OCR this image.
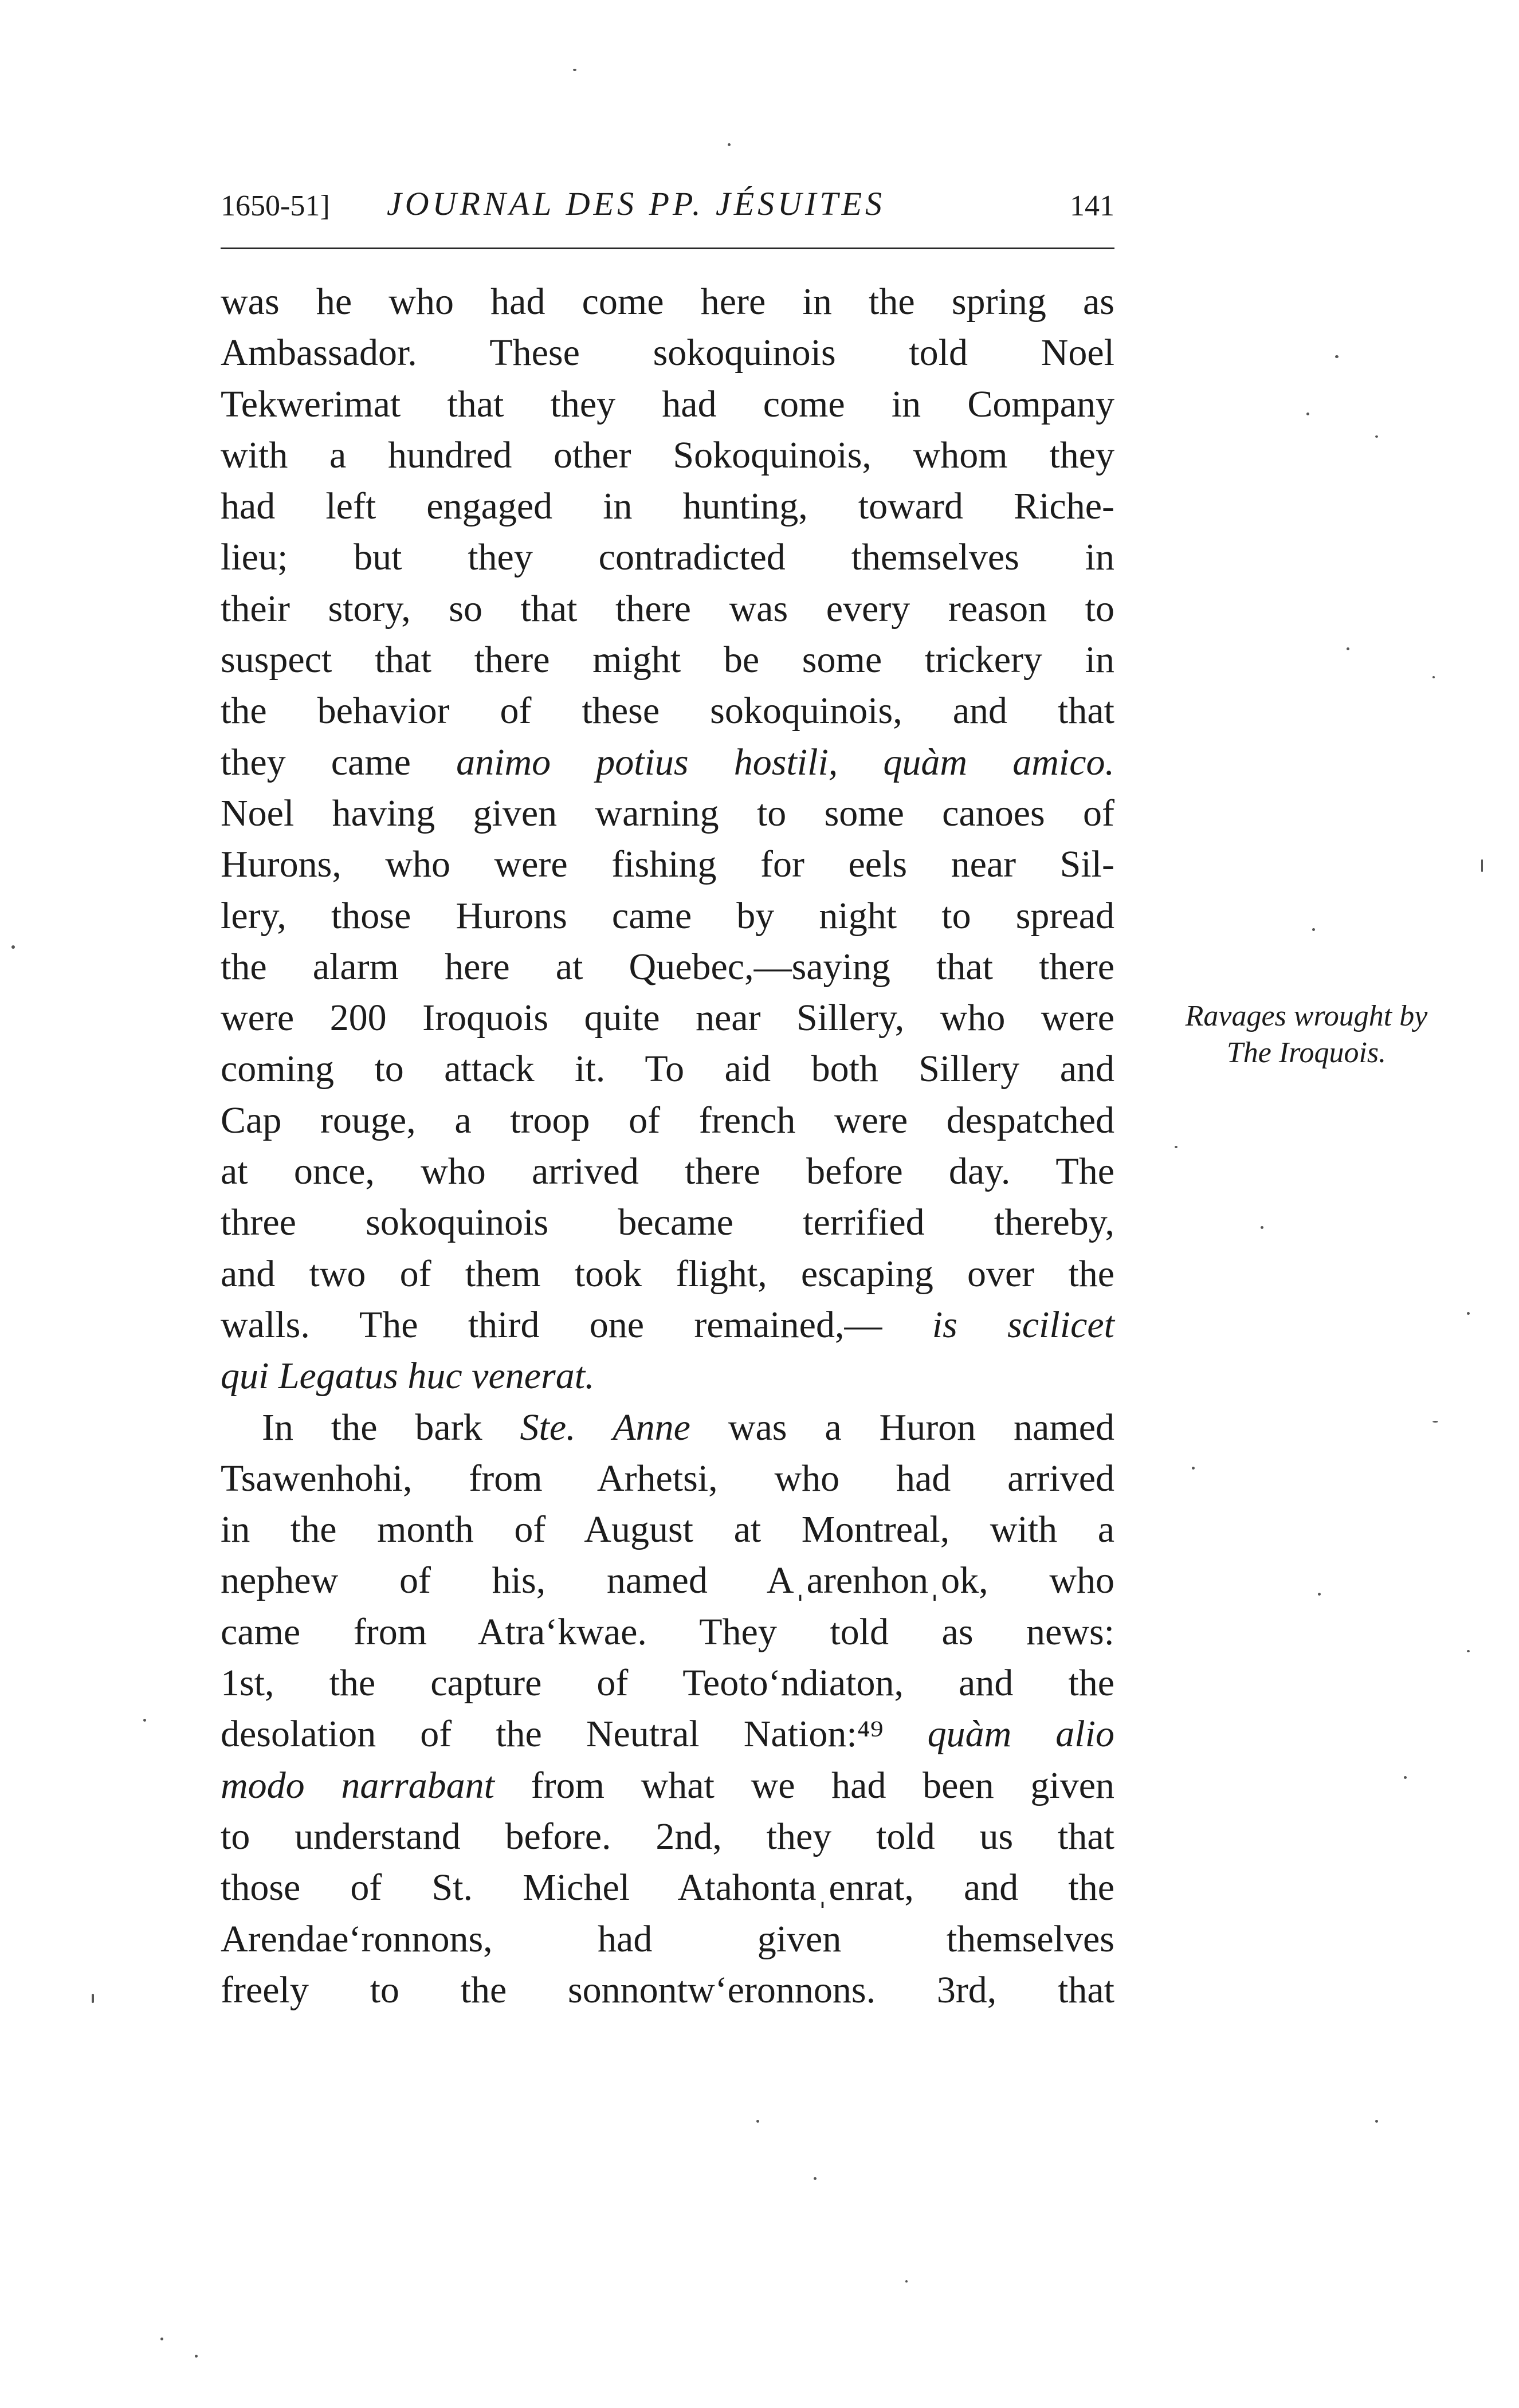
1650-51] JOURNAL DES PP. JÉSUITES	141
was he who had come here in the spring as
Ambassador. These sokoquinois told Noel
Tekwerimat that they had come in Company
with a hundred other Sokoquinois, whom they
had left engaged in hunting, toward Riche-
lieu; but they contradicted themselves in
their story, so that there was every reason to
suspect that there might be some trickery in
the behavior of these sokoquinois, and that
they came animo potius hostili, quàm amico.
Noel having given warning to some canoes of
Hurons, who were fishing for eels near Sil-
lery, those Hurons came by night to spread
the alarm here at Quebec,—saying that there
were 200 Iroquois quite near Sillery, who were
coming to attack it. To aid both Sillery and
Cap rouge, a troop of french were despatched
at once, who arrived there before day. The
three sokoquinois became terrified thereby,
and two of them took flight, escaping over the
walls. The third one remained,— is scilicet
qui Legatus huc venerat.
In the bark Ste. Anne was a Huron named
Tsawenhohi, from Arhetsi, who had arrived
in the month of August at Montreal, with a
nephew of his, named Aˌarenhonˌok, who
came from Atra‘kwae. They told as news:
1st, the capture of Teoto‘ndiaton, and the
desolation of the Neutral Nation:⁴⁹ quàm alio
modo narrabant from what we had been given
to understand before. 2nd, they told us that
those of St. Michel Atahontaˌenrat, and the
Arendae‘ronnons, had given themselves
freely to the sonnontw‘eronnons. 3rd, that
Ravages wrought by
The Iroquois.
